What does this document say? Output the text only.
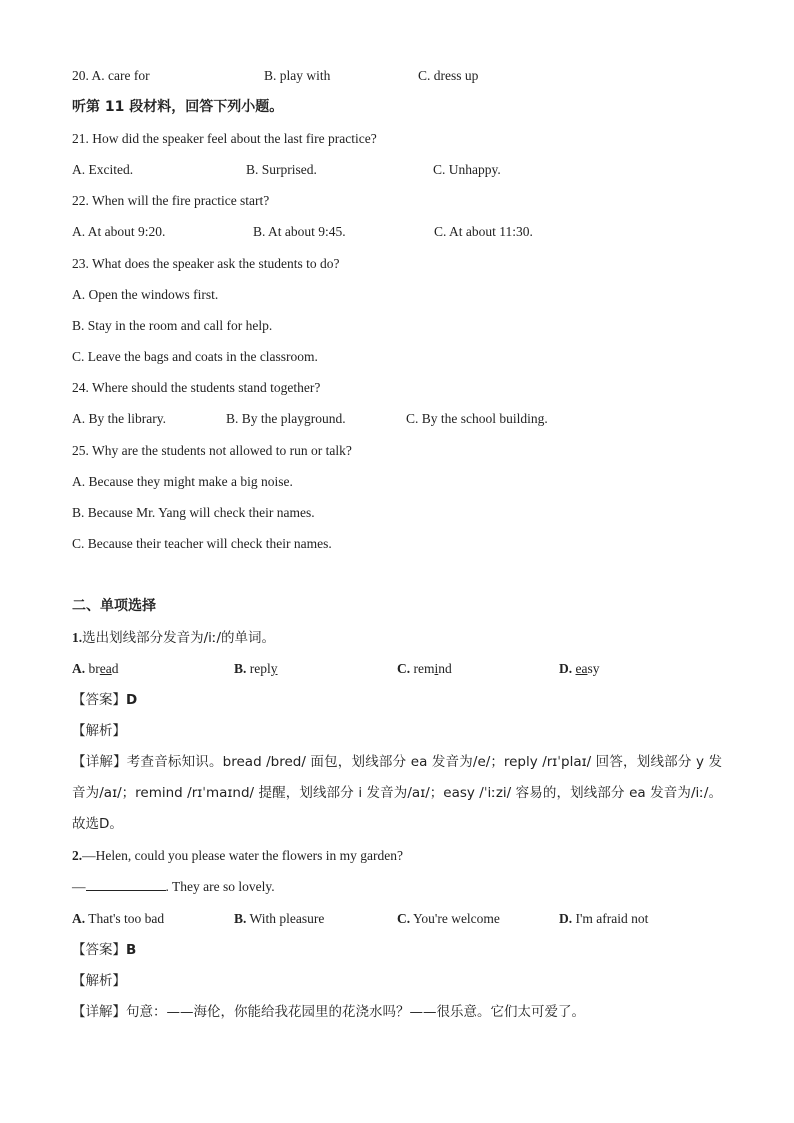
20. A. care for	B. play with	C. dress up
听第 11 段材料，回答下列小题。
21. How did the speaker feel about the last fire practice?
A. Excited.	B. Surprised.	C. Unhappy.
22. When will the fire practice start?
A. At about 9:20.	B. At about 9:45.	C. At about 11:30.
23. What does the speaker ask the students to do?
A. Open the windows first.
B. Stay in the room and call for help.
C. Leave the bags and coats in the classroom.
24. Where should the students stand together?
A. By the library.	B. By the playground.	C. By the school building.
25. Why are the students not allowed to run or talk?
A. Because they might make a big noise.
B. Because Mr. Yang will check their names.
C. Because their teacher will check their names.
二、单项选择
1.选出划线部分发音为/iː/的单词。
A. bread	B. reply	C. remind	D. easy
【答案】D
【解析】
【详解】考查音标知识。bread /bred/ 面包，划线部分 ea 发音为/e/；reply /rɪˈplaɪ/ 回答，划线部分 y 发音为/aɪ/；remind /rɪˈmaɪnd/ 提醒，划线部分 i 发音为/aɪ/；easy /ˈiːzi/ 容易的，划线部分 ea 发音为/iː/。故选D。
2.—Helen, could you please water the flowers in my garden?
—	. They are so lovely.
A. That's too bad	B. With pleasure	C. You're welcome	D. I'm afraid not
【答案】B
【解析】
【详解】句意：——海伦，你能给我花园里的花浇水吗？——很乐意。它们太可爱了。
